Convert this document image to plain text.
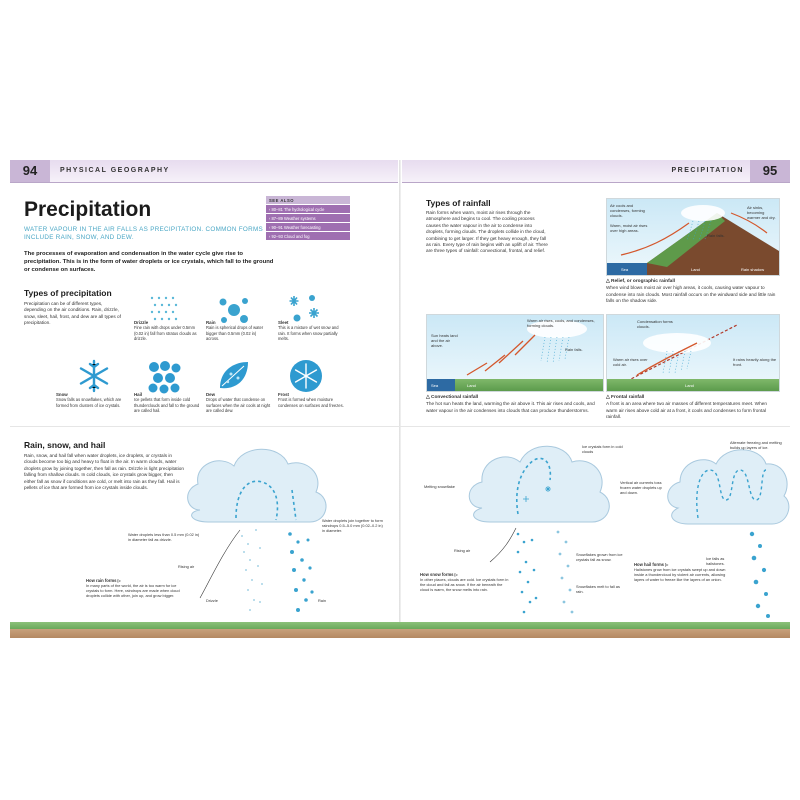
94	PHYSICAL GEOGRAPHY	PRECIPITATION	95
Precipitation

WATER VAPOUR IN THE AIR FALLS AS PRECIPITATION. COMMON FORMS INCLUDE RAIN, SNOW, AND DEW.

The processes of evaporation and condensation in the water cycle give rise to precipitation. This is in the form of water droplets or ice crystals, which fall to the ground or condense on surfaces.

SEE ALSO
‹ 80–81 The hydrological cycle
‹ 87–89 Weather systems
‹ 90–91 Weather forecasting
‹ 92–93 Cloud and fog
Types of precipitation

Precipitation can be of different types, depending on the air conditions. Rain, drizzle, snow, sleet, hail, frost, and dew are all types of precipitation.	Drizzle
Fine rain with drops under 0.5mm (0.02 in) fall from stratus clouds as drizzle.
Rain
Rain is spherical drops of water bigger than 0.5mm (0.02 in) across.
Sleet
This is a mixture of wet snow and rain. It forms when snow partially melts.
Snow
Snow falls as snowflakes, which are formed from clusters of ice crystals.
Hail
Ice pellets that form inside cold thunderclouds and fall to the ground are called hail.
Dew
Drops of water that condense on surfaces when the air cools at night are called dew.
Frost
Frost is formed when moisture condenses on surfaces and freezes.
Types of rainfall

Rain forms when warm, moist air rises through the atmosphere and begins to cool. The cooling process causes the water vapour in the air to condense into droplets, forming clouds. The droplets collide in the cloud, combining to get larger. If they get heavy enough, they fall as rain. Every type of rain begins with an uplift of air. There are three types of rainfall: convectional, frontal, and relief.

Air cools and condenses, forming clouds.
Warm, moist air rises over high areas.
Rain falls.
Air sinks, becoming warmer and dry.
Sea	Land	Rain shadow
△ Relief, or orographic rainfall
When wind blows moist air over high areas, it cools, causing water vapour to condense into rain clouds. Most rainfall occurs on the windward side and little rain falls on the shadow side.
Sun heats land and the air above.
Warm air rises, cools, and condenses, forming clouds.
Rain falls.
Sea	Land
△ Convectional rainfall
The hot sun heats the land, warming the air above it. This air rises and cools, and water vapour in the air condenses into clouds that can produce thunderstorms.
Condensation forms clouds.
Warm air rises over cold air.
It rains heavily along the front.
Land
△ Frontal rainfall
A front is an area where two air masses of different temperatures meet. When warm air rises above cold air at a front, it cools and condenses to form frontal rainfall.
Rain, snow, and hail

Rain, snow, and hail fall when water droplets, ice droplets, or crystals in clouds become too big and heavy to float in the air. In warm clouds, water droplets grow by joining together, then fall as rain. Drizzle is light precipitation falling from shallow clouds. In cold clouds, ice crystals grow bigger, then either fall as snow if conditions are cold, or melt into rain as they fall. Hail is pellets of ice that are formed from ice crystals inside clouds.

Water droplets less than 0.5 mm (0.02 in) in diameter fall as drizzle.
Water droplets join together to form raindrops 0.5–5.0 mm (0.02–0.2 in) in diameter.
Rising air
Drizzle	Rain
How rain forms ▷
In many parts of the world, the air is too warm for ice crystals to form. Here, raindrops are made when cloud droplets collide with other, join up, and grow bigger.
Ice crystals form in cold clouds
Melting snowflake
Rising air
Snowflakes grown from ice crystals fall as snow.
Snowflakes melt to fall as rain.
How snow forms ▷
In other places, clouds are cold. Ice crystals form in the cloud and fall as snow. If the air beneath the cloud is warm, the snow melts into rain.
Alternate freezing and melting builds up layers of ice.
Vertical air currents toss frozen water droplets up and down.
Ice falls as hailstones.
How hail forms ▷
Hailstones grow from ice crystals swept up and down inside a thundercloud by violent air currents, allowing layers of water to freeze like the layers of an onion.
